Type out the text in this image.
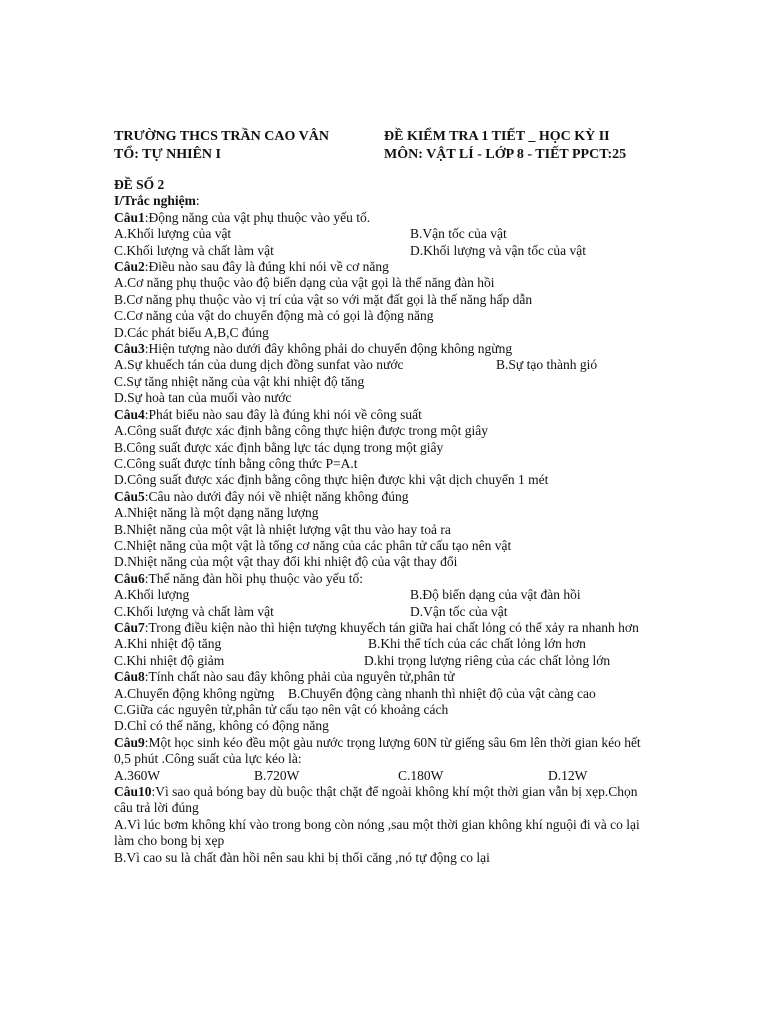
TRƯỜNG THCS TRẦN CAO VÂN	ĐỀ KIỂM TRA 1 TIẾT _ HỌC KỲ II
TỔ: TỰ NHIÊN I	MÔN: VẬT LÍ - LỚP 8 - TIẾT PPCT:25
ĐỀ SỐ 2
I/Trắc nghiệm:
Câu1:Động năng của vật phụ thuộc vào yếu tố.
A.Khối lượng của vật	B.Vận tốc của vật
C.Khối lượng và chất làm vật	D.Khối lượng và vận tốc của vật
Câu2:Điều nào sau đây là đúng khi nói về cơ năng
A.Cơ năng phụ thuộc vào độ biến dạng của vật gọi là thế năng đàn hồi
B.Cơ năng phụ thuộc vào vị trí của vật so với mặt đất gọi là thế năng hấp dẫn
C.Cơ năng của vật do chuyển động mà có gọi là động năng
D.Các phát biểu A,B,C đúng
Câu3:Hiện tượng nào dưới đây không phải do chuyển động không ngừng
A.Sự khuếch tán của dung dịch đồng sunfat vào nước	B.Sự tạo thành gió
C.Sự tăng nhiệt năng của vật khi nhiệt độ tăng
D.Sự hoà tan của muối vào nước
Câu4:Phát biểu nào sau đây là đúng khi nói về công suất
A.Công suất được xác định bằng công thực hiện được trong một giây
B.Công suất được xác định bằng lực tác dụng trong một giây
C.Công suất được tính bằng công thức P=A.t
D.Công suất được xác định bằng công thực hiện được khi vật dịch chuyển 1 mét
Câu5:Câu nào dưới đây nói về nhiệt năng không đúng
A.Nhiệt năng là một dạng năng lượng
B.Nhiệt năng của một vật là nhiệt lượng vật thu vào hay toả ra
C.Nhiệt năng của một vật là tổng cơ năng của các phân tử cấu tạo nên vật
D.Nhiệt năng của một vật thay đổi khi nhiệt độ của vật thay đổi
Câu6:Thế năng đàn hồi phụ thuộc vào yếu tố:
A.Khối lượng	B.Độ biến dạng của vật đàn hồi
C.Khối lượng và chất làm vật	D.Vận tốc của vật
Câu7:Trong điều kiện nào thì hiện tượng khuyếch tán giữa hai chất lỏng có thể xảy ra nhanh hơn
A.Khi nhiệt độ tăng	B.Khi thể tích của các chất lỏng lớn hơn
C.Khi nhiệt độ giảm	D.khi trọng lượng riêng của các chất lỏng lớn
Câu8:Tính chất nào sau đây không phải của nguyên tử,phân tử
A.Chuyển động không ngừng	B.Chuyển động càng nhanh thì nhiệt độ của vật càng cao
C.Giữa các nguyên tử,phân tử cấu tạo nên vật có khoảng cách
D.Chỉ có thế năng, không có động năng
Câu9:Một học sinh kéo đều một gàu nước trọng lượng 60N từ giếng sâu 6m lên thời gian kéo hết 0,5 phút .Công suất của lực kéo là:
A.360W	B.720W	C.180W	D.12W
Câu10:Vì sao quả bóng bay dù buộc thật chặt để ngoài không khí một thời gian vẫn bị xẹp.Chọn câu trả lời đúng
A.Vì lúc bơm không khí vào trong bong còn nóng ,sau một thời gian không khí nguội đi và co lại làm cho bong bị xẹp
B.Vì cao su là chất đàn hồi nên sau khi bị thổi căng ,nó tự động co lại
